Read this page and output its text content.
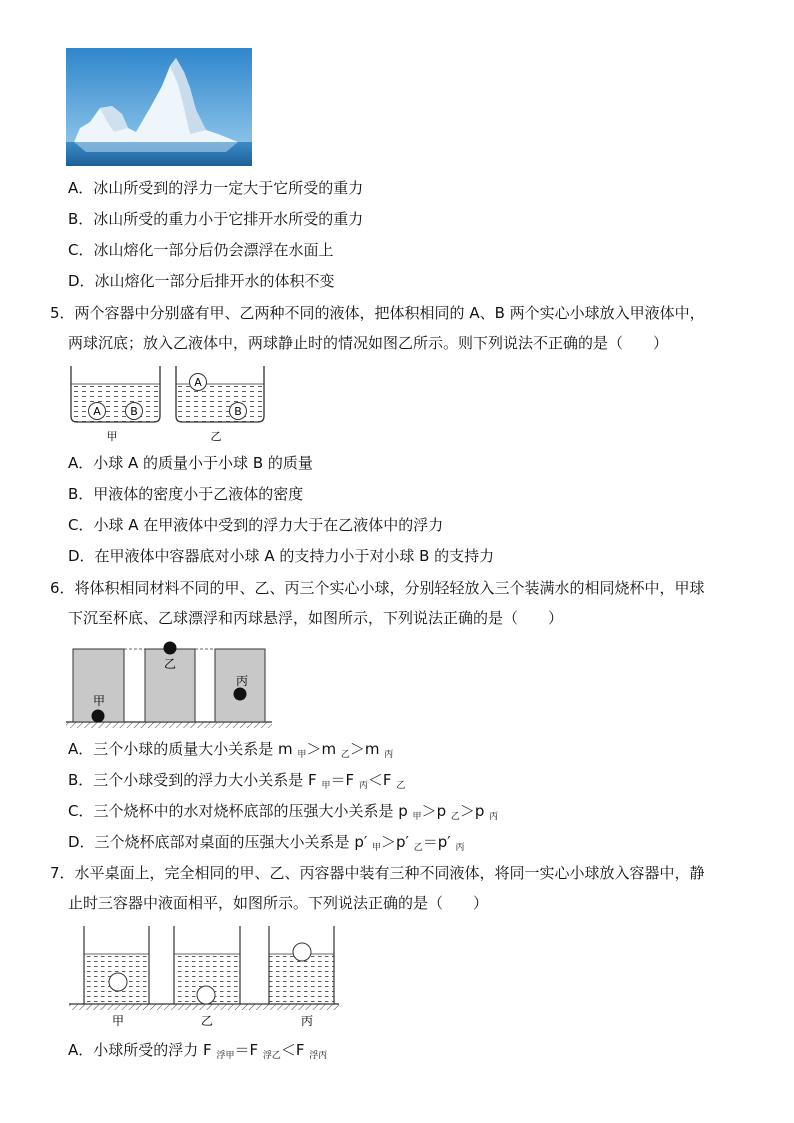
A．冰山所受到的浮力一定大于它所受的重力
B．冰山所受的重力小于它排开水所受的重力
C．冰山熔化一部分后仍会漂浮在水面上
D．冰山熔化一部分后排开水的体积不变
5．两个容器中分别盛有甲、乙两种不同的液体，把体积相同的 A、B 两个实心小球放入甲液体中，
两球沉底；放入乙液体中，两球静止时的情况如图乙所示。则下列说法不正确的是（　　）
A	B
甲
A
B
乙
A．小球 A 的质量小于小球 B 的质量
B．甲液体的密度小于乙液体的密度
C．小球 A 在甲液体中受到的浮力大于在乙液体中的浮力
D．在甲液体中容器底对小球 A 的支持力小于对小球 B 的支持力
6．将体积相同材料不同的甲、乙、丙三个实心小球，分别轻轻放入三个装满水的相同烧杯中，甲球
下沉至杯底、乙球漂浮和丙球悬浮，如图所示，下列说法正确的是（　　）
甲
乙
丙
A．三个小球的质量大小关系是 m $_甲$＞m $_乙$＞m $_丙$
B．三个小球受到的浮力大小关系是 F $_甲$＝F $_丙$＜F $_乙$
C．三个烧杯中的水对烧杯底部的压强大小关系是 p $_甲$＞p $_乙$＞p $_丙$
D．三个烧杯底部对桌面的压强大小关系是 p′ $_甲$＞p′ $_乙$＝p′ $_丙$
7．水平桌面上，完全相同的甲、乙、丙容器中装有三种不同液体，将同一实心小球放入容器中，静
止时三容器中液面相平，如图所示。下列说法正确的是（　　）
甲	乙	丙
A．小球所受的浮力 F $_{浮甲}$＝F $_{浮乙}$＜F $_{浮丙}$
